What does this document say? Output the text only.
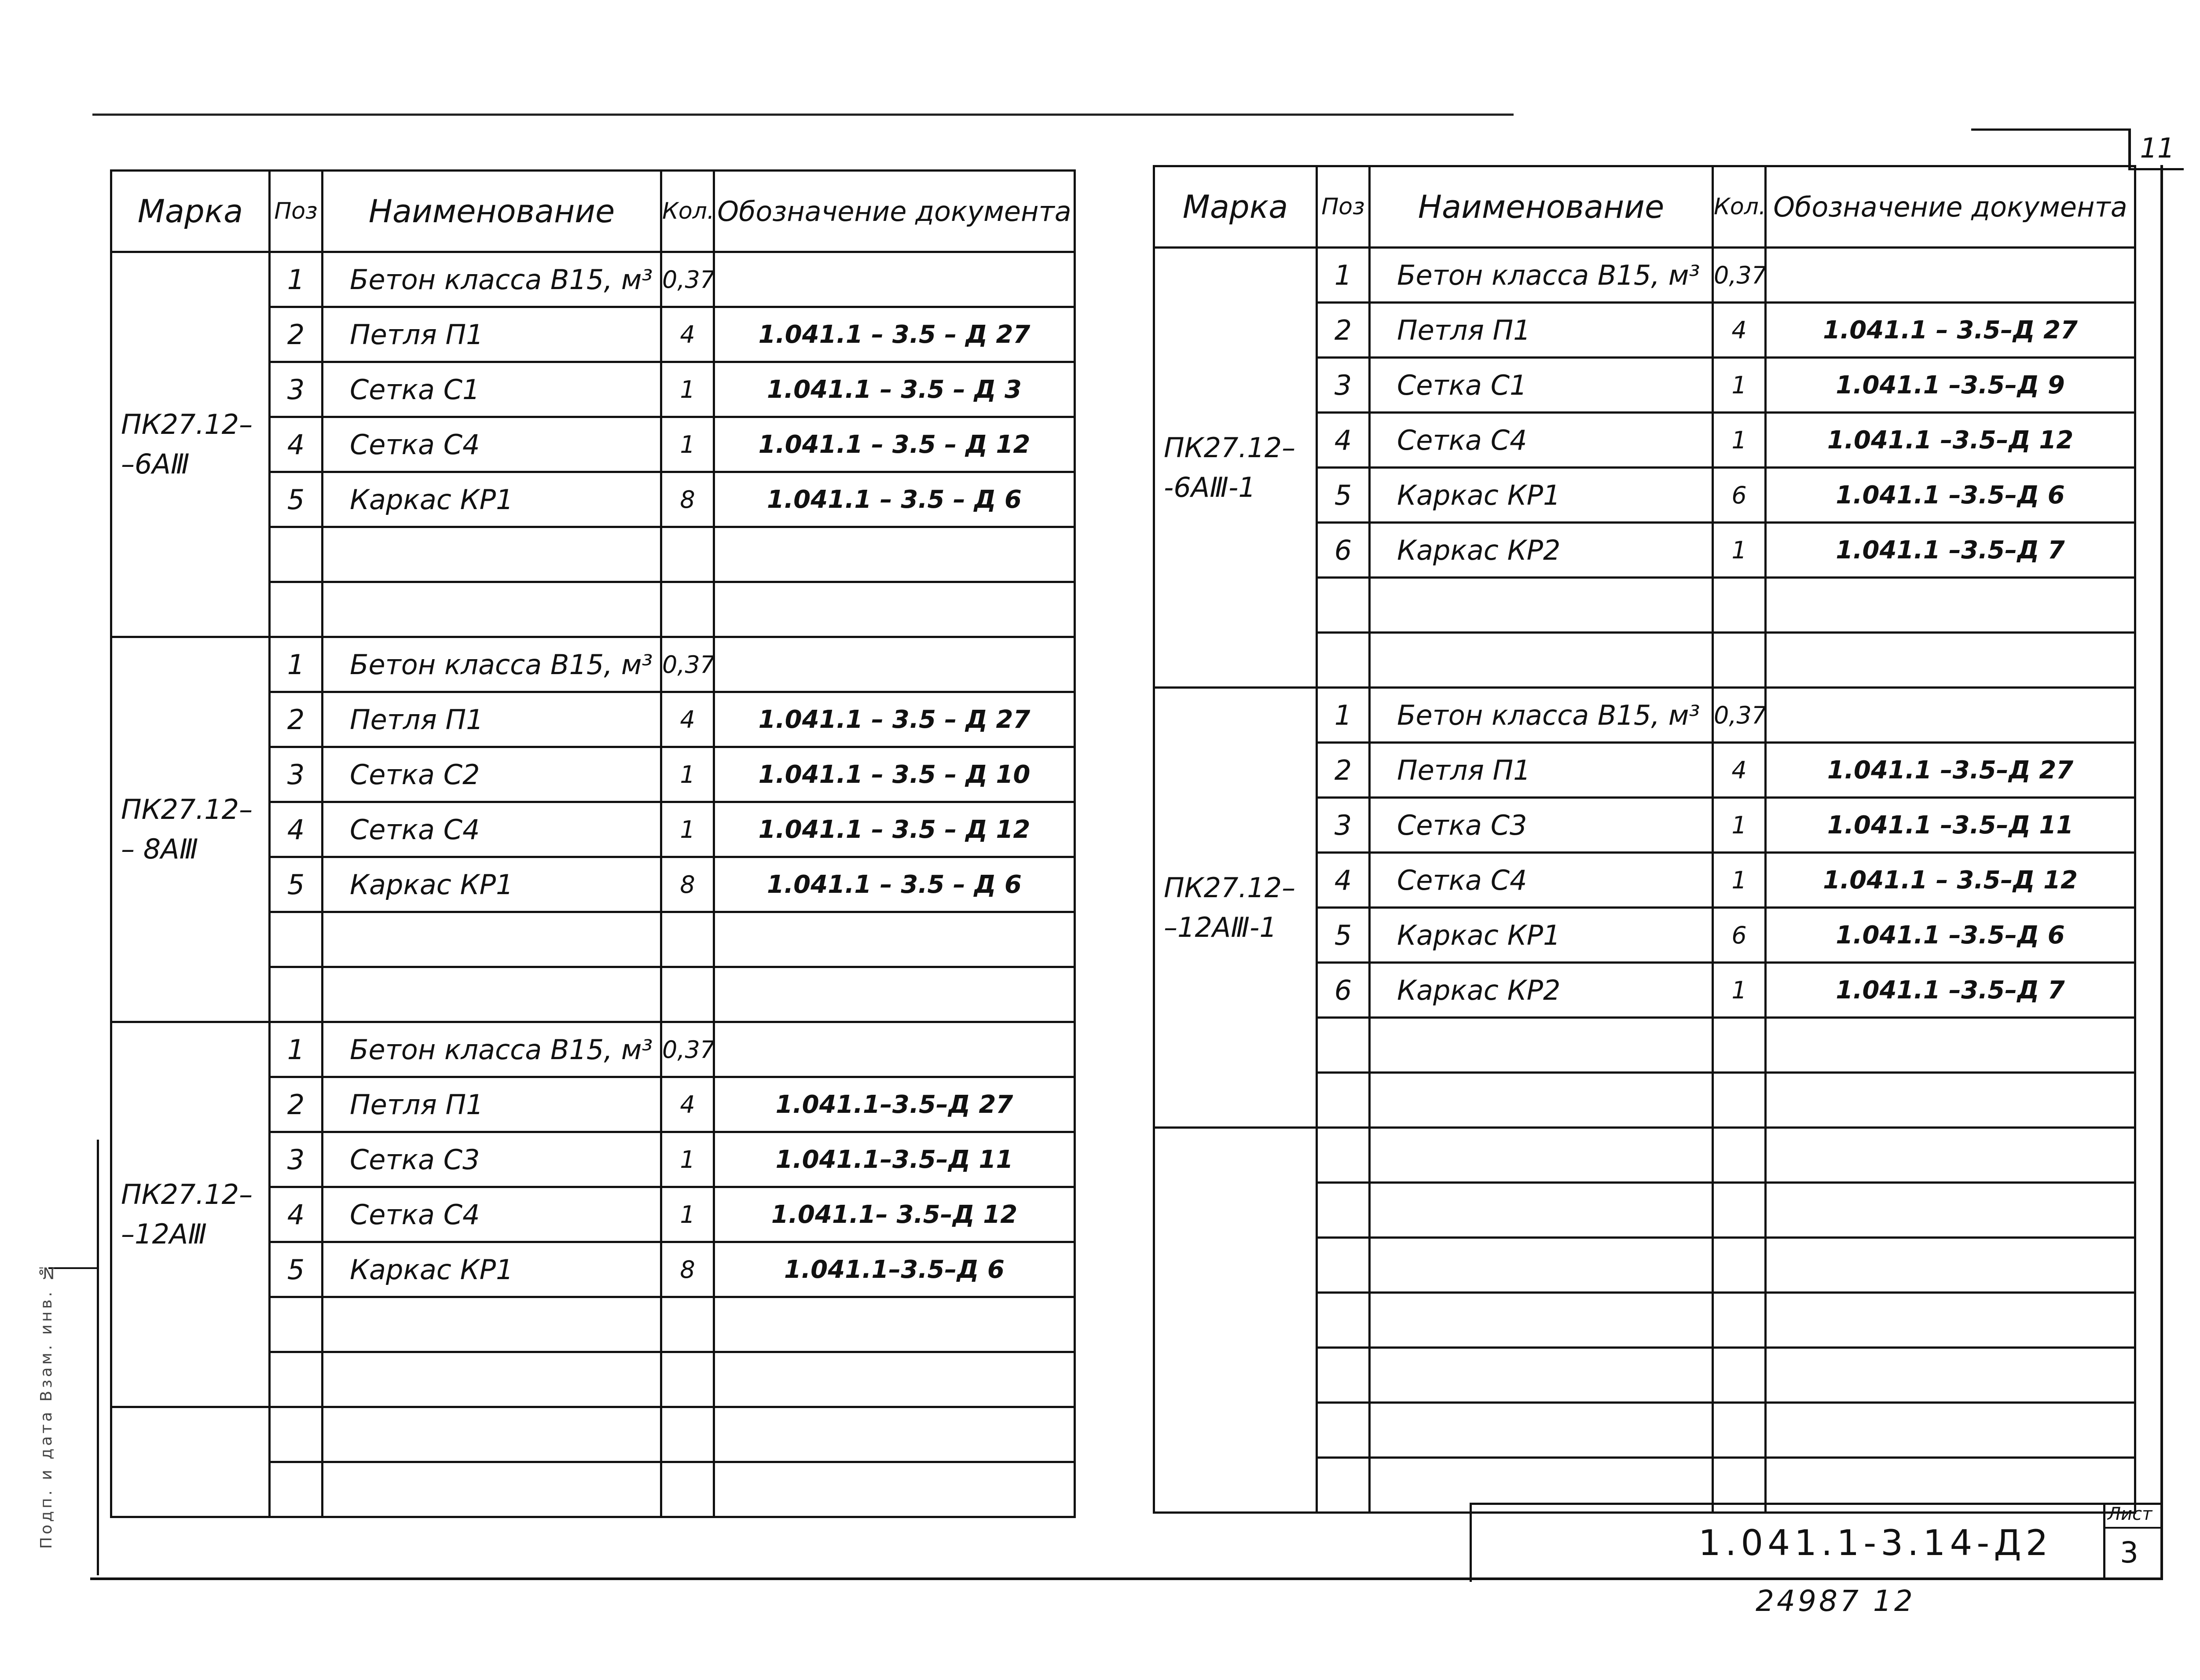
11
Подп. и дата Взам. инв. №
Марка	Поз	Наименование	Кол.	Обозначение документа

ПК27.12–
–6АⅢ	1	Бетон класса В15, м³	0,37	
	2	Петля П1	4	1.041.1 – 3.5 – Д 27
	3	Сетка С1	1	1.041.1 – 3.5 – Д 3
	4	Сетка С4	1	1.041.1 – 3.5 – Д 12
	5	Каркас КР1	8	1.041.1 – 3.5 – Д 6

ПК27.12–
– 8АⅢ	1	Бетон класса В15, м³	0,37	
	2	Петля П1	4	1.041.1 – 3.5 – Д 27
	3	Сетка С2	1	1.041.1 – 3.5 – Д 10
	4	Сетка С4	1	1.041.1 – 3.5 – Д 12
	5	Каркас КР1	8	1.041.1 – 3.5 – Д 6

ПК27.12–
–12АⅢ	1	Бетон класса В15, м³	0,37	
	2	Петля П1	4	1.041.1–3.5–Д 27
	3	Сетка С3	1	1.041.1–3.5–Д 11
	4	Сетка С4	1	1.041.1– 3.5–Д 12
	5	Каркас КР1	8	1.041.1–3.5–Д 6

Марка	Поз	Наименование	Кол.	Обозначение документа

ПК27.12–
-6АⅢ-1	1	Бетон класса В15, м³	0,37	
	2	Петля П1	4	1.041.1 – 3.5–Д 27
	3	Сетка С1	1	1.041.1 –3.5–Д 9
	4	Сетка С4	1	1.041.1 –3.5–Д 12
	5	Каркас КР1	6	1.041.1 –3.5–Д 6
	6	Каркас КР2	1	1.041.1 –3.5–Д 7

ПК27.12–
–12АⅢ-1	1	Бетон класса В15, м³	0,37	
	2	Петля П1	4	1.041.1 –3.5–Д 27
	3	Сетка С3	1	1.041.1 –3.5–Д 11
	4	Сетка С4	1	1.041.1 – 3.5–Д 12
	5	Каркас КР1	6	1.041.1 –3.5–Д 6
	6	Каркас КР2	1	1.041.1 –3.5–Д 7

1.041.1-3.14-Д2
Лист
3
24987 12
